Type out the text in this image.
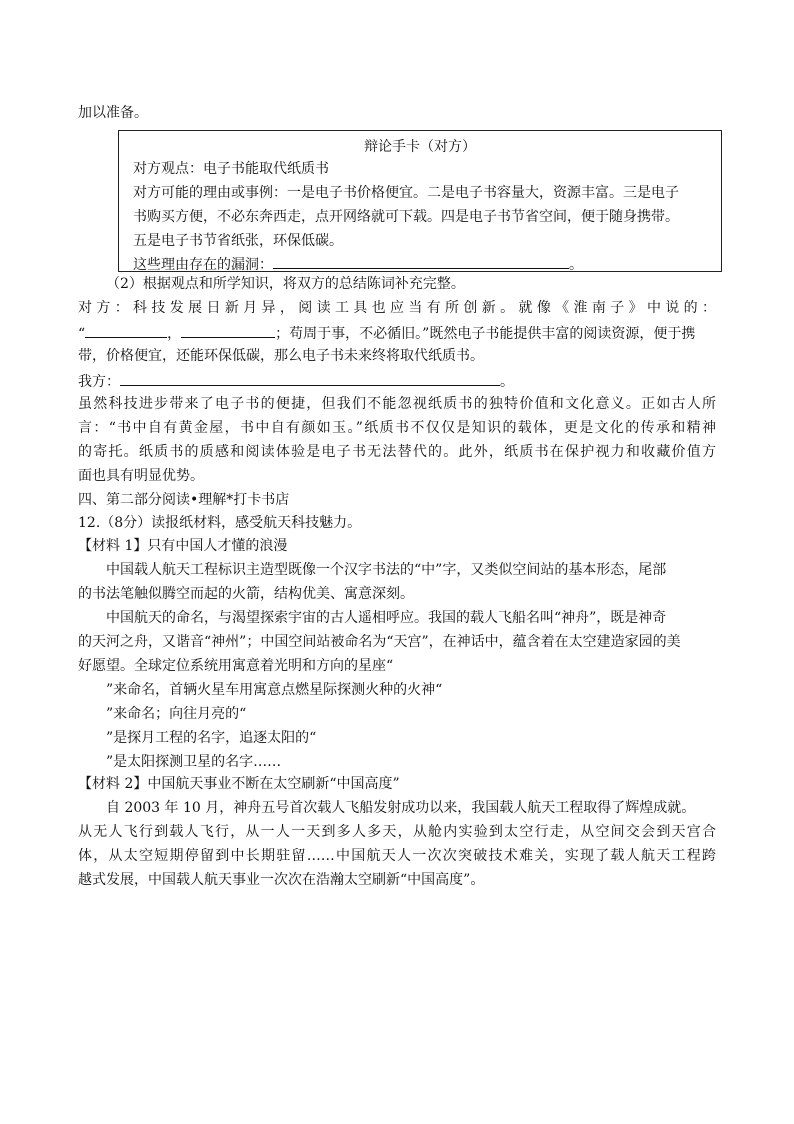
加以准备。
辩论手卡（对方）
对方观点：电子书能取代纸质书
对方可能的理由或事例：一是电子书价格便宜。二是电子书容量大，资源丰富。三是电子
书购买方便，不必东奔西走，点开网络就可下载。四是电子书节省空间，便于随身携带。
五是电子书节省纸张，环保低碳。
这些理由存在的漏洞：	。
（2）根据观点和所学知识，将双方的总结陈词补充完整。
对方：科技发展日新月异，阅读工具也应当有所创新。就像《淮南子》中说的：
“	，	；苟周于事，不必循旧。”既然电子书能提供丰富的阅读资源，便于携
带，价格便宜，还能环保低碳，那么电子书未来终将取代纸质书。
我方：	。
虽然科技进步带来了电子书的便捷，但我们不能忽视纸质书的独特价值和文化意义。正如古人所
言：“书中自有黄金屋，书中自有颜如玉。”纸质书不仅仅是知识的载体，更是文化的传承和精神
的寄托。纸质书的质感和阅读体验是电子书无法替代的。此外，纸质书在保护视力和收藏价值方
面也具有明显优势。
四、第二部分阅读•理解*打卡书店
12.（8分）读报纸材料，感受航天科技魅力。
【材料 1】只有中国人才懂的浪漫
中国载人航天工程标识主造型既像一个汉字书法的“中”字，又类似空间站的基本形态，尾部
的书法笔触似腾空而起的火箭，结构优美、寓意深刻。
中国航天的命名，与渴望探索宇宙的古人遥相呼应。我国的载人飞船名叫“神舟”，既是神奇
的天河之舟，又谐音“神州”；中国空间站被命名为“天宫”，在神话中，蕴含着在太空建造家园的美
好愿望。全球定位系统用寓意着光明和方向的星座“
”来命名，首辆火星车用寓意点燃星际探测火种的火神“
”来命名；向往月亮的“
”是探月工程的名字，追逐太阳的“
”是太阳探测卫星的名字……
【材料 2】中国航天事业不断在太空刷新“中国高度”
自 2003 年 10 月，神舟五号首次载人飞船发射成功以来，我国载人航天工程取得了辉煌成就。
从无人飞行到载人飞行，从一人一天到多人多天，从舱内实验到太空行走，从空间交会到天宫合
体，从太空短期停留到中长期驻留……中国航天人一次次突破技术难关，实现了载人航天工程跨
越式发展，中国载人航天事业一次次在浩瀚太空刷新“中国高度”。
